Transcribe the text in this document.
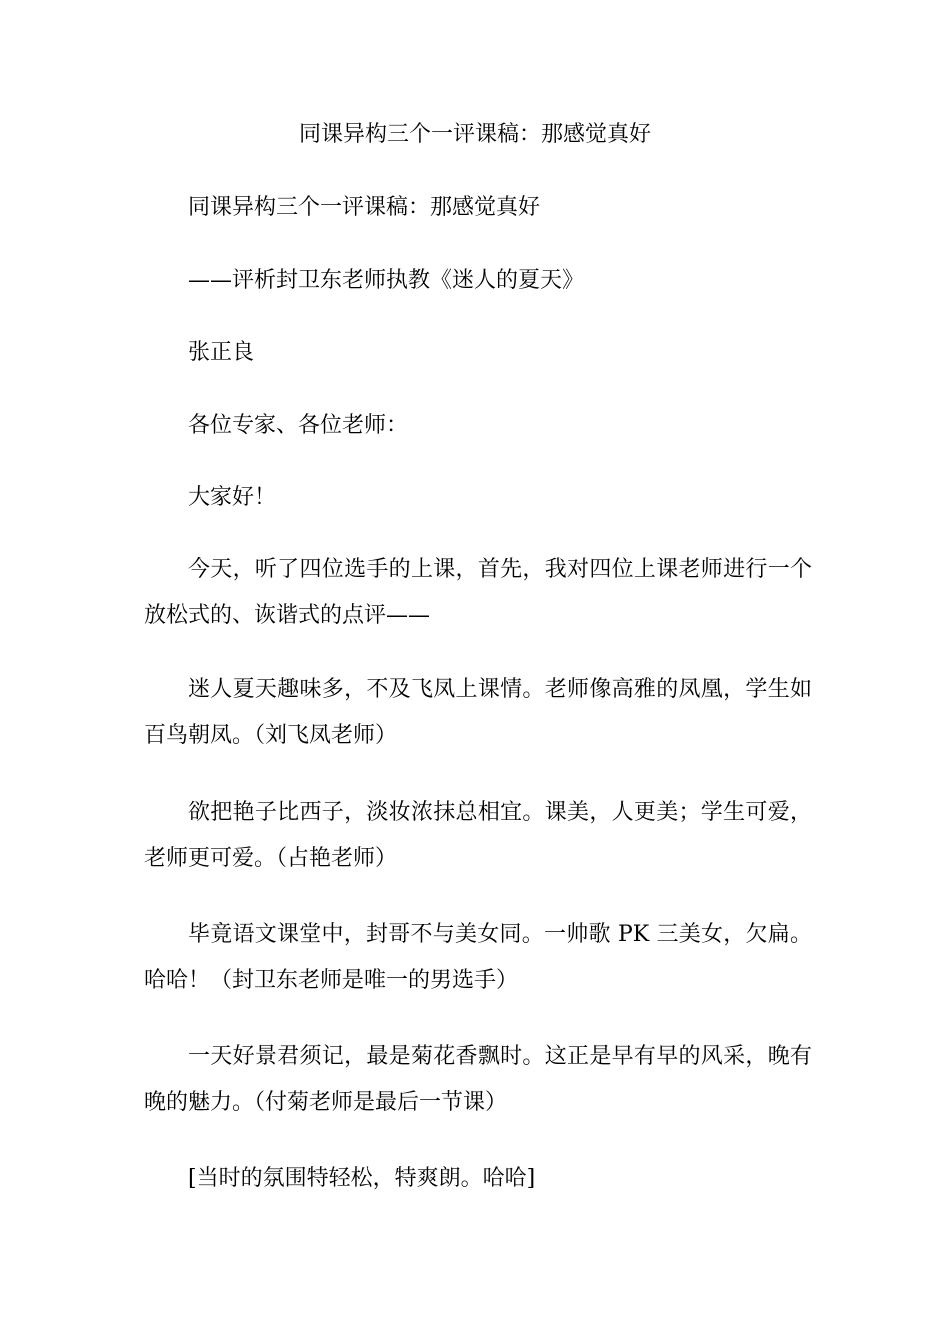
同课异构三个一评课稿：那感觉真好

同课异构三个一评课稿：那感觉真好

——评析封卫东老师执教《迷人的夏天》

张正良

各位专家、各位老师：

大家好！

今天，听了四位选手的上课，首先，我对四位上课老师进行一个放松式的、诙谐式的点评——

迷人夏天趣味多，不及飞凤上课情。老师像高雅的凤凰，学生如百鸟朝凤。（刘飞凤老师）

欲把艳子比西子，淡妆浓抹总相宜。课美，人更美；学生可爱，老师更可爱。（占艳老师）

毕竟语文课堂中，封哥不与美女同。一帅歌 PK 三美女，欠扁。哈哈！（封卫东老师是唯一的男选手）

一天好景君须记，最是菊花香飘时。这正是早有早的风采，晚有晚的魅力。（付菊老师是最后一节课）

[当时的氛围特轻松，特爽朗。哈哈]
